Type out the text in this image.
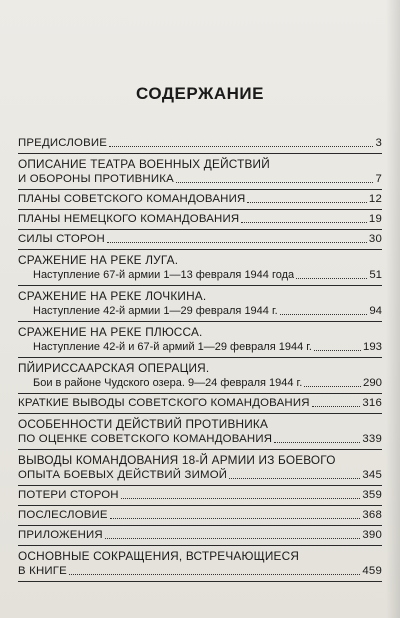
СОДЕРЖАНИЕ
ПРЕДИСЛОВИЕ	3
ОПИСАНИЕ ТЕАТРА ВОЕННЫХ ДЕЙСТВИЙ
И ОБОРОНЫ ПРОТИВНИКА	7
ПЛАНЫ СОВЕТСКОГО КОМАНДОВАНИЯ	12
ПЛАНЫ НЕМЕЦКОГО КОМАНДОВАНИЯ	19
СИЛЫ СТОРОН	30
СРАЖЕНИЕ НА РЕКЕ ЛУГА.
Наступление 67-й армии 1—13 февраля 1944 года	51
СРАЖЕНИЕ НА РЕКЕ ЛОЧКИНА.
Наступление 42-й армии 1—29 февраля 1944 г.	94
СРАЖЕНИЕ НА РЕКЕ ПЛЮССА.
Наступление 42-й и 67-й армий 1—29 февраля 1944 г.	193
ПЙИРИССААРСКАЯ ОПЕРАЦИЯ.
Бои в районе Чудского озера. 9—24 февраля 1944 г.	290
КРАТКИЕ ВЫВОДЫ СОВЕТСКОГО КОМАНДОВАНИЯ	316
ОСОБЕННОСТИ ДЕЙСТВИЙ ПРОТИВНИКА
ПО ОЦЕНКЕ СОВЕТСКОГО КОМАНДОВАНИЯ	339
ВЫВОДЫ КОМАНДОВАНИЯ 18-Й АРМИИ ИЗ БОЕВОГО
ОПЫТА БОЕВЫХ ДЕЙСТВИЙ ЗИМОЙ	345
ПОТЕРИ СТОРОН	359
ПОСЛЕСЛОВИЕ	368
ПРИЛОЖЕНИЯ	390
ОСНОВНЫЕ СОКРАЩЕНИЯ, ВСТРЕЧАЮЩИЕСЯ
В КНИГЕ	459
